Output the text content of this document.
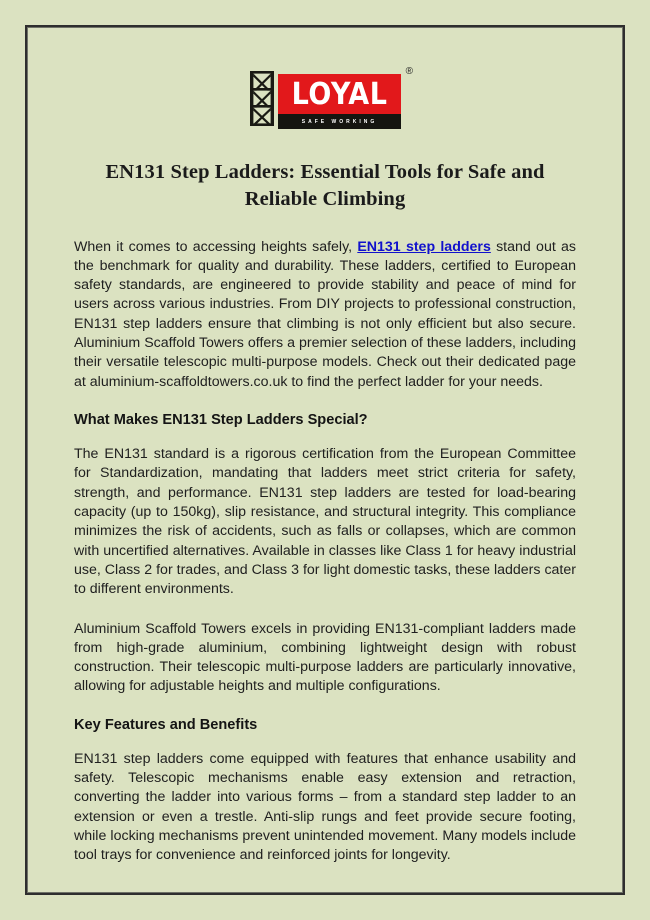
®
LOYAL
SAFE WORKING
EN131 Step Ladders: Essential Tools for Safe and Reliable Climbing

When it comes to accessing heights safely, EN131 step ladders stand out as the benchmark for quality and durability. These ladders, certified to European safety standards, are engineered to provide stability and peace of mind for users across various industries. From DIY projects to professional construction, EN131 step ladders ensure that climbing is not only efficient but also secure. Aluminium Scaffold Towers offers a premier selection of these ladders, including their versatile telescopic multi-purpose models. Check out their dedicated page at aluminium-scaffoldtowers.co.uk to find the perfect ladder for your needs.

What Makes EN131 Step Ladders Special?

The EN131 standard is a rigorous certification from the European Committee for Standardization, mandating that ladders meet strict criteria for safety, strength, and performance. EN131 step ladders are tested for load-bearing capacity (up to 150kg), slip resistance, and structural integrity. This compliance minimizes the risk of accidents, such as falls or collapses, which are common with uncertified alternatives. Available in classes like Class 1 for heavy industrial use, Class 2 for trades, and Class 3 for light domestic tasks, these ladders cater to different environments.

Aluminium Scaffold Towers excels in providing EN131-compliant ladders made from high-grade aluminium, combining lightweight design with robust construction. Their telescopic multi-purpose ladders are particularly innovative, allowing for adjustable heights and multiple configurations.

Key Features and Benefits

EN131 step ladders come equipped with features that enhance usability and safety. Telescopic mechanisms enable easy extension and retraction, converting the ladder into various forms – from a standard step ladder to an extension or even a trestle. Anti-slip rungs and feet provide secure footing, while locking mechanisms prevent unintended movement. Many models include tool trays for convenience and reinforced joints for longevity.
